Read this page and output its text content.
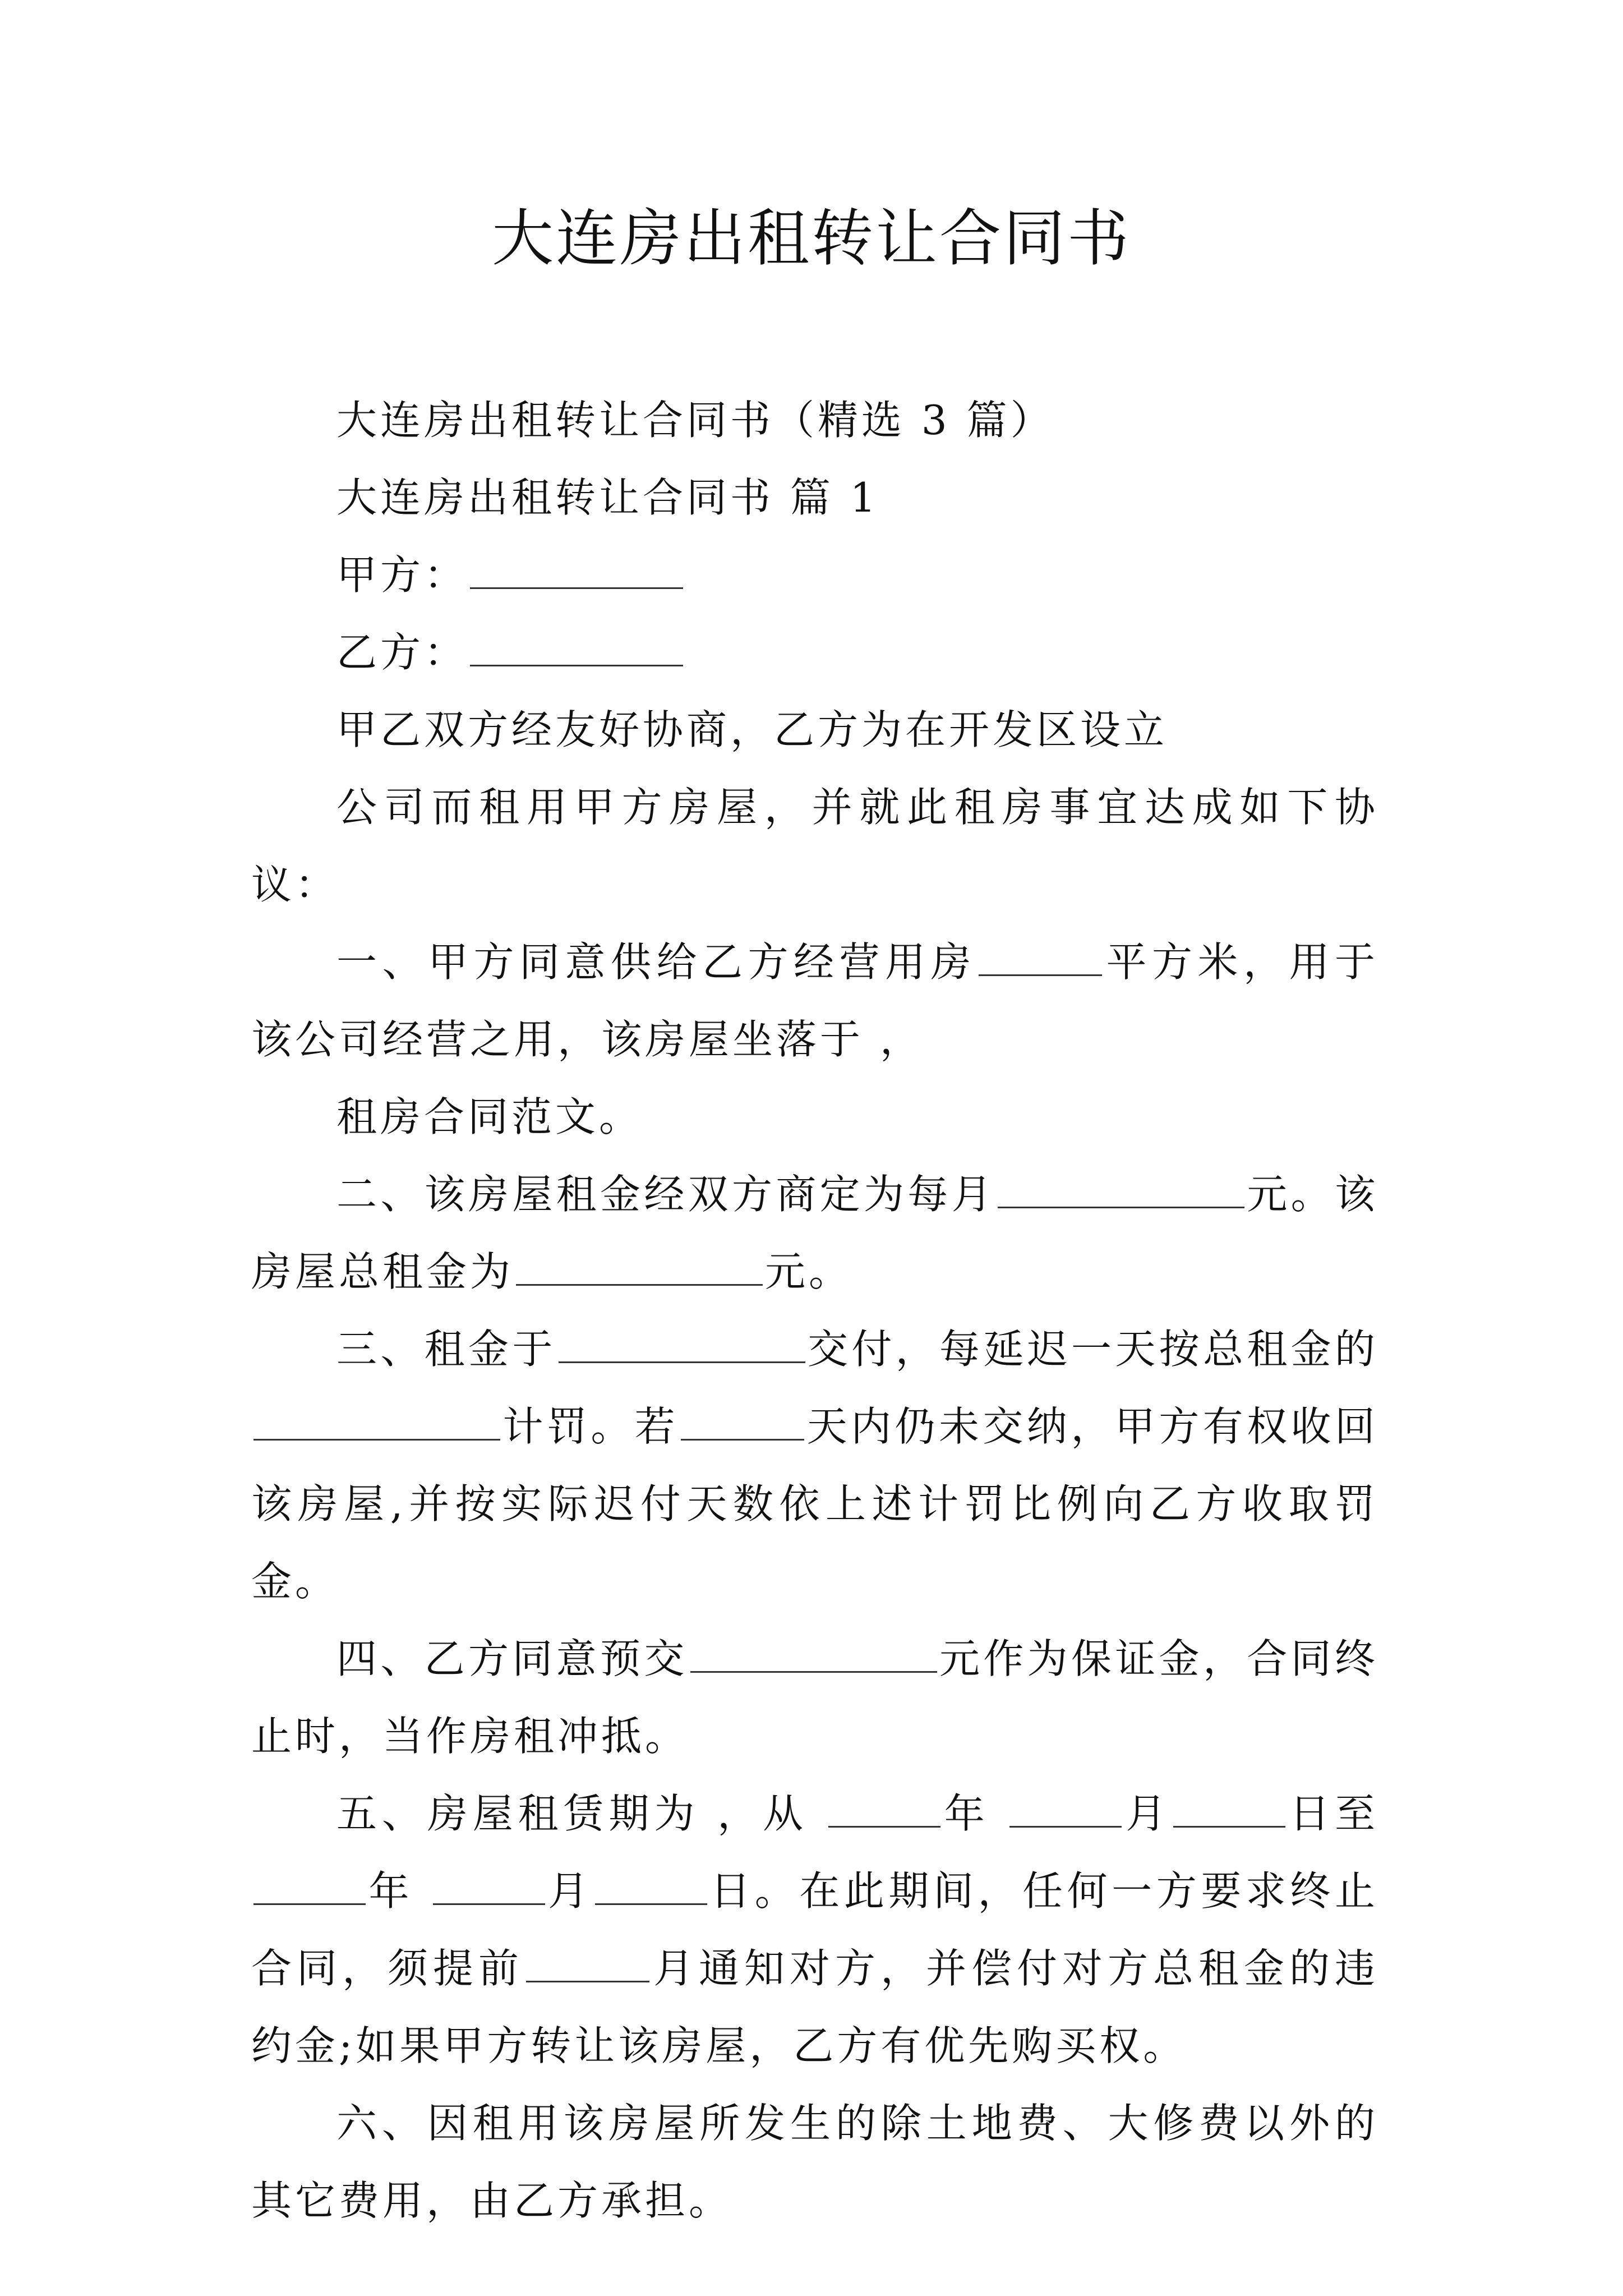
大连房出租转让合同书

大连房出租转让合同书（精选 3 篇）

大连房出租转让合同书 篇 1

甲方：

乙方：

甲乙双方经友好协商，乙方为在开发区设立

公司而租用甲方房屋，并就此租房事宜达成如下协议：

一、甲方同意供给乙方经营用房	平方米，用于该公司经营之用，该房屋坐落于 ，

租房合同范文。

二、该房屋租金经双方商定为每月	元。该房屋总租金为	元。

三、租金于	交付，每延迟一天按总租金的计罚。若	天内仍未交纳，甲方有权收回该房屋,并按实际迟付天数依上述计罚比例向乙方收取罚金。

四、乙方同意预交	元作为保证金，合同终止时，当作房租冲抵。

五、房屋租赁期为 ，从	年	月	日至年	月	日。在此期间，任何一方要求终止合同，须提前	月通知对方，并偿付对方总租金的违约金;如果甲方转让该房屋，乙方有优先购买权。

六、因租用该房屋所发生的除土地费、大修费以外的其它费用，由乙方承担。
